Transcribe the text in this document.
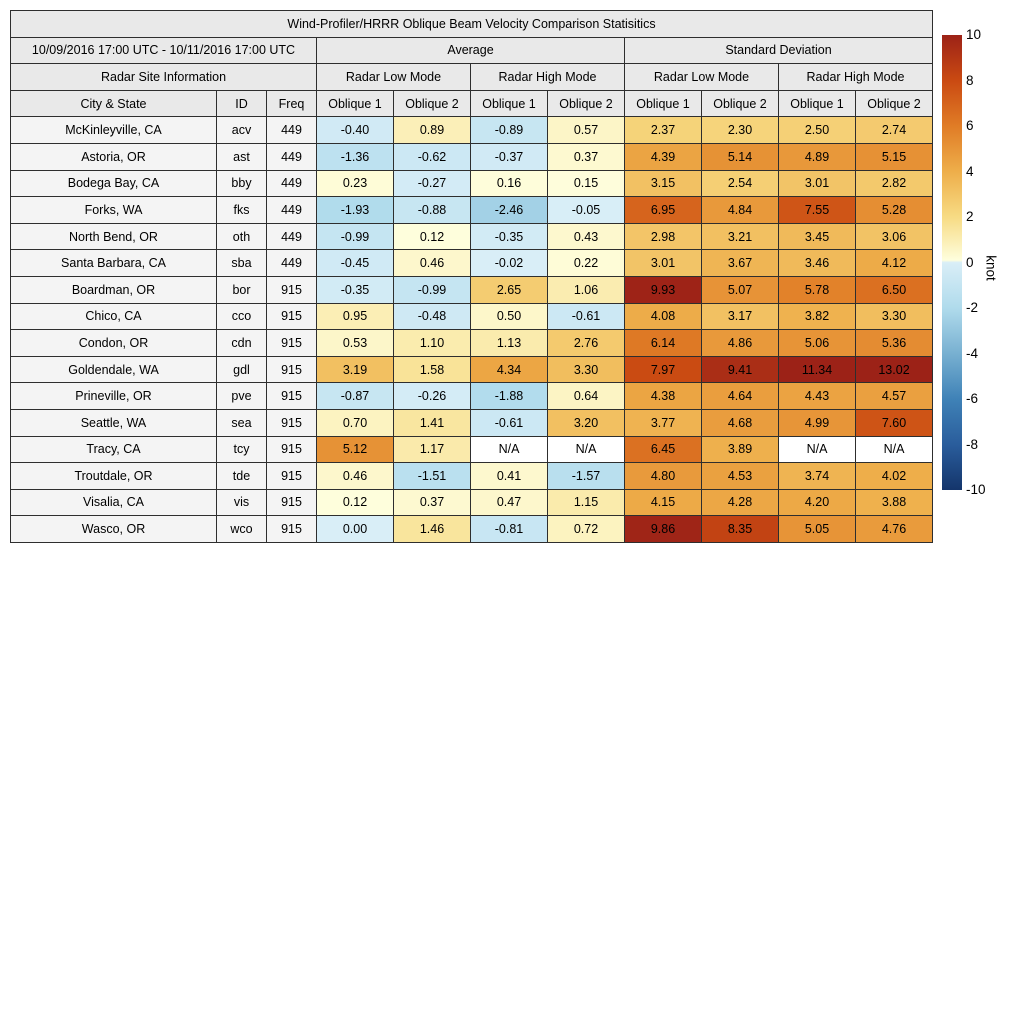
Wind-Profiler/HRRR Oblique Beam Velocity Comparison Statisitics										
10/09/2016 17:00 UTC - 10/11/2016 17:00 UTC			Average				Standard Deviation			
Radar Site Information			Radar Low Mode		Radar High Mode		Radar Low Mode		Radar High Mode	
City & State	ID	Freq	Oblique 1	Oblique 2	Oblique 1	Oblique 2	Oblique 1	Oblique 2	Oblique 1	Oblique 2
McKinleyville, CA	acv	449	-0.40	0.89	-0.89	0.57	2.37	2.30	2.50	2.74
Astoria, OR	ast	449	-1.36	-0.62	-0.37	0.37	4.39	5.14	4.89	5.15
Bodega Bay, CA	bby	449	0.23	-0.27	0.16	0.15	3.15	2.54	3.01	2.82
Forks, WA	fks	449	-1.93	-0.88	-2.46	-0.05	6.95	4.84	7.55	5.28
North Bend, OR	oth	449	-0.99	0.12	-0.35	0.43	2.98	3.21	3.45	3.06
Santa Barbara, CA	sba	449	-0.45	0.46	-0.02	0.22	3.01	3.67	3.46	4.12
Boardman, OR	bor	915	-0.35	-0.99	2.65	1.06	9.93	5.07	5.78	6.50
Chico, CA	cco	915	0.95	-0.48	0.50	-0.61	4.08	3.17	3.82	3.30
Condon, OR	cdn	915	0.53	1.10	1.13	2.76	6.14	4.86	5.06	5.36
Goldendale, WA	gdl	915	3.19	1.58	4.34	3.30	7.97	9.41	11.34	13.02
Prineville, OR	pve	915	-0.87	-0.26	-1.88	0.64	4.38	4.64	4.43	4.57
Seattle, WA	sea	915	0.70	1.41	-0.61	3.20	3.77	4.68	4.99	7.60
Tracy, CA	tcy	915	5.12	1.17	N/A	N/A	6.45	3.89	N/A	N/A
Troutdale, OR	tde	915	0.46	-1.51	0.41	-1.57	4.80	4.53	3.74	4.02
Visalia, CA	vis	915	0.12	0.37	0.47	1.15	4.15	4.28	4.20	3.88
Wasco, OR	wco	915	0.00	1.46	-0.81	0.72	9.86	8.35	5.05	4.76
10
8
6
4
2
0
-2
-4
-6
-8
-10
knot
